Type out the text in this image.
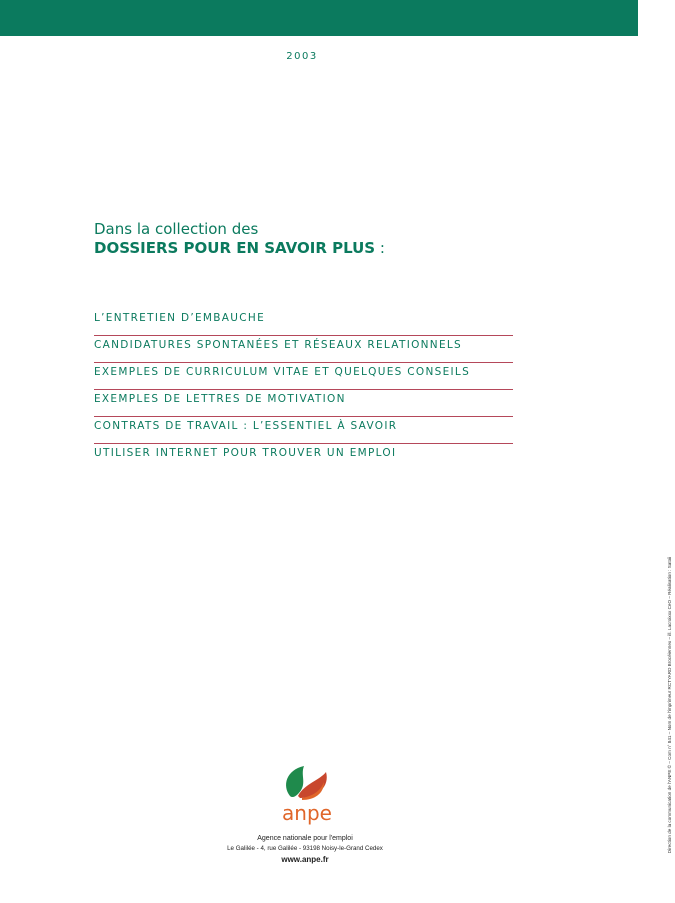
2003
Dans la collection des
DOSSIERS POUR EN SAVOIR PLUS :
L’ENTRETIEN D’EMBAUCHE
CANDIDATURES SPONTANÉES ET RÉSEAUX RELATIONNELS
EXEMPLES DE CURRICULUM VITAE ET QUELQUES CONSEILS
EXEMPLES DE LETTRES DE MOTIVATION
CONTRATS DE TRAVAIL : L’ESSENTIEL À SAVOIR
UTILISER INTERNET POUR TROUVER UN EMPLOI
Direction de la communication de l'ANPE © – Com n° 841 – Nom de l'imprimeur RCTYARD Brocéiennex – ill. Lacroixxx CeO – Réalisation : Satoii
anpe
Agence nationale pour l'emploi
Le Galilée - 4, rue Galilée - 93198 Noisy-le-Grand Cedex
www.anpe.fr
